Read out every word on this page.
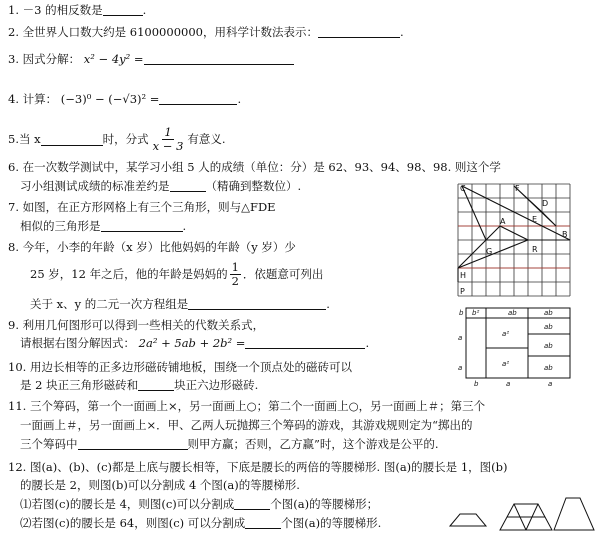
1. －3 的相反数是	.
2. 全世界人口数大约是 6100000000，用科学计数法表示：	.
3. 因式分解： x² − 4y² =
4. 计算： (−3)⁰ − (−√3)² =	.
5. 当 x	时，分式 $\frac{1}{x - 3}$ 有意义.
6. 在一次数学测试中，某学习小组 5 人的成绩（单位：分）是 62、93、94、98、98. 则这个学
习小组测试成绩的标准差约是	（精确到整数位）.
7. 如图，在正方形网格上有三个三角形，则与△FDE
相似的三角形是	.
8. 今年，小李的年龄（x 岁）比他妈妈的年龄（y 岁）少
25 岁，12 年之后，他的年龄是妈妈的 $\frac{1}{2}$ ．依题意可列出
关于 x、y 的二元一次方程组是	.
9. 利用几何图形可以得到一些相关的代数关系式，
请根据右图分解因式： 2a² + 5ab + 2b² =	.
10. 用边长相等的正多边形磁砖铺地板，围绕一个顶点处的磁砖可以
是 2 块正三角形磁砖和	块正六边形磁砖.
11. 三个筹码，第一个一面画上×，另一面画上○；第二个一面画上○，另一面画上＃；第三个
一面画上＃，另一面画上×．甲、乙两人玩抛掷三个筹码的游戏，其游戏规则定为“掷出的
三个筹码中	则甲方赢；否则，乙方赢”时，这个游戏是公平的.
12. 图(a)、(b)、(c)都是上底与腰长相等，下底是腰长的两倍的等腰梯形. 图(a)的腰长是 1，图(b)
的腰长是 2，则图(b)可以分割成 4 个图(a)的等腰梯形.
⑴若图(c)的腰长是 4，则图(c)可以分割成	个图(a)的等腰梯形；
⑵若图(c)的腰长是 64，则图(c) 可以分割成	个图(a)的等腰梯形.
C	F
D
E
A
G	R
B
H
P
b b²	ab	ab
a
a
a²
a²
ab
ab
ab
b	a	a
